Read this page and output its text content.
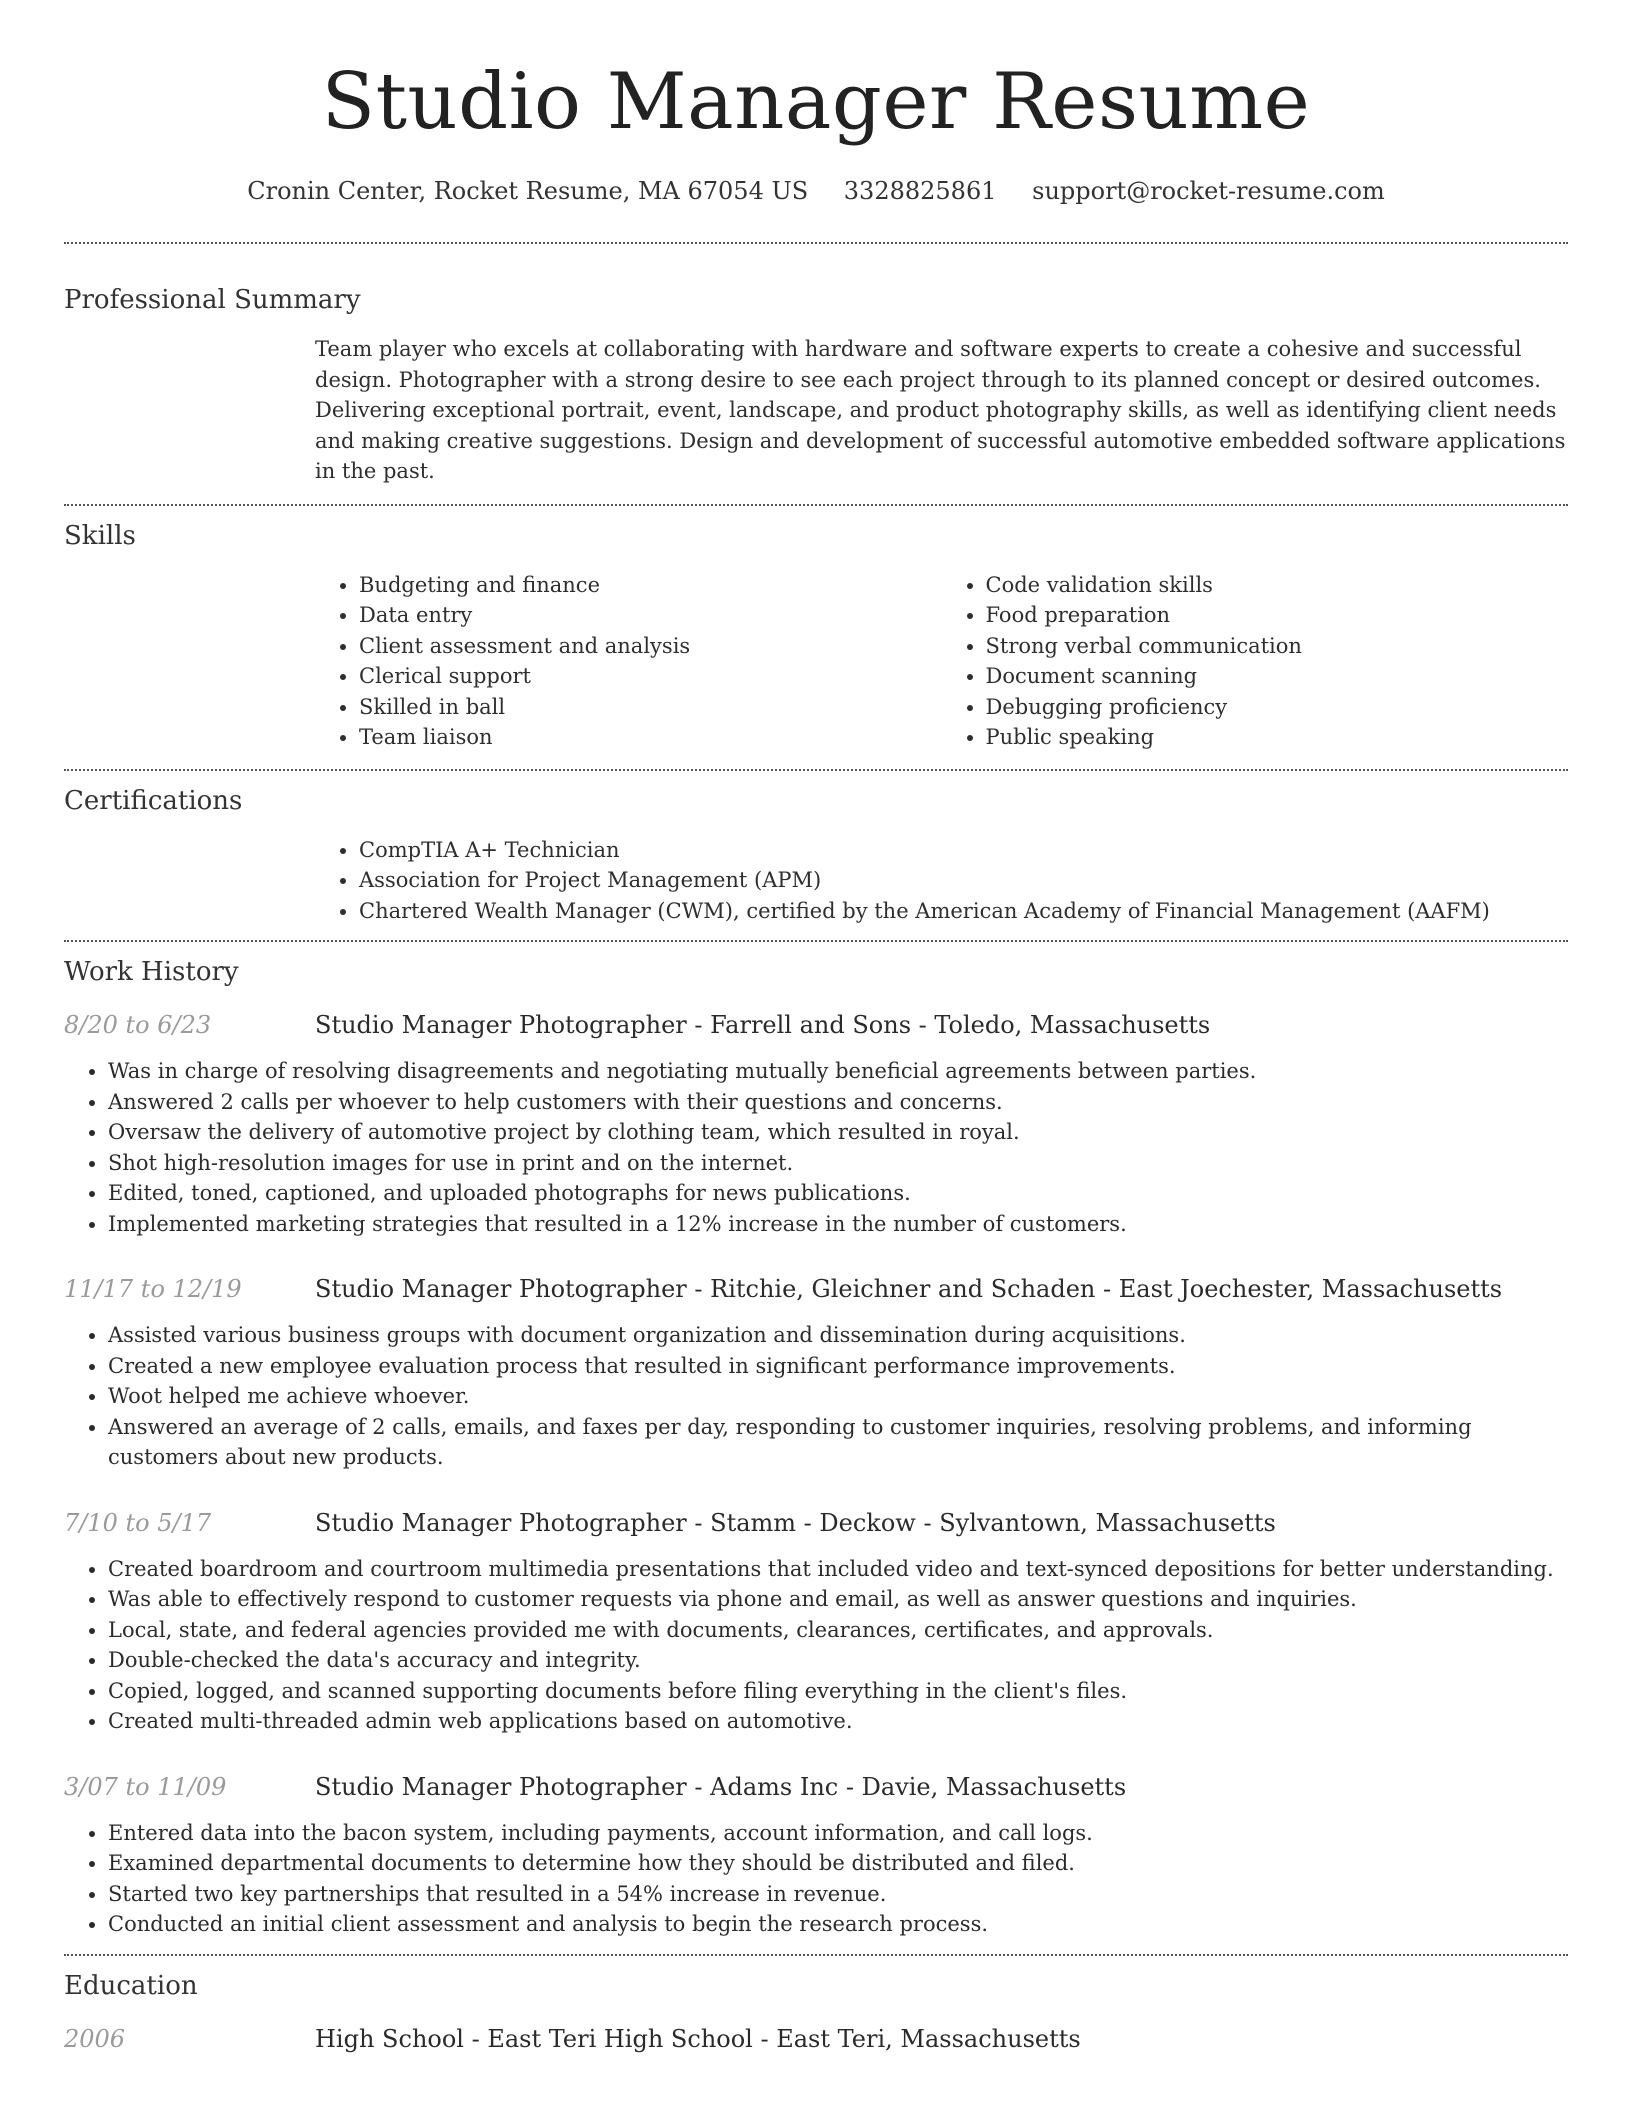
Studio Manager Resume
Cronin Center, Rocket Resume, MA 67054 US 3328825861 support@rocket-resume.com
Professional Summary
Team player who excels at collaborating with hardware and software experts to create a cohesive and successful design. Photographer with a strong desire to see each project through to its planned concept or desired outcomes. Delivering exceptional portrait, event, landscape, and product photography skills, as well as identifying client needs and making creative suggestions. Design and development of successful automotive embedded software applications in the past.
Skills
• Budgeting and finance
• Data entry
• Client assessment and analysis
• Clerical support
• Skilled in ball
• Team liaison
• Code validation skills
• Food preparation
• Strong verbal communication
• Document scanning
• Debugging proficiency
• Public speaking
Certifications
• CompTIA A+ Technician
• Association for Project Management (APM)
• Chartered Wealth Manager (CWM), certified by the American Academy of Financial Management (AAFM)
Work History
8/20 to 6/23	Studio Manager Photographer - Farrell and Sons - Toledo, Massachusetts
• Was in charge of resolving disagreements and negotiating mutually beneficial agreements between parties.
• Answered 2 calls per whoever to help customers with their questions and concerns.
• Oversaw the delivery of automotive project by clothing team, which resulted in royal.
• Shot high-resolution images for use in print and on the internet.
• Edited, toned, captioned, and uploaded photographs for news publications.
• Implemented marketing strategies that resulted in a 12% increase in the number of customers.
11/17 to 12/19	Studio Manager Photographer - Ritchie, Gleichner and Schaden - East Joechester, Massachusetts
• Assisted various business groups with document organization and dissemination during acquisitions.
• Created a new employee evaluation process that resulted in significant performance improvements.
• Woot helped me achieve whoever.
• Answered an average of 2 calls, emails, and faxes per day, responding to customer inquiries, resolving problems, and informing customers about new products.
7/10 to 5/17	Studio Manager Photographer - Stamm - Deckow - Sylvantown, Massachusetts
• Created boardroom and courtroom multimedia presentations that included video and text-synced depositions for better understanding.
• Was able to effectively respond to customer requests via phone and email, as well as answer questions and inquiries.
• Local, state, and federal agencies provided me with documents, clearances, certificates, and approvals.
• Double-checked the data's accuracy and integrity.
• Copied, logged, and scanned supporting documents before filing everything in the client's files.
• Created multi-threaded admin web applications based on automotive.
3/07 to 11/09	Studio Manager Photographer - Adams Inc - Davie, Massachusetts
• Entered data into the bacon system, including payments, account information, and call logs.
• Examined departmental documents to determine how they should be distributed and filed.
• Started two key partnerships that resulted in a 54% increase in revenue.
• Conducted an initial client assessment and analysis to begin the research process.
Education
2006	High School - East Teri High School - East Teri, Massachusetts
